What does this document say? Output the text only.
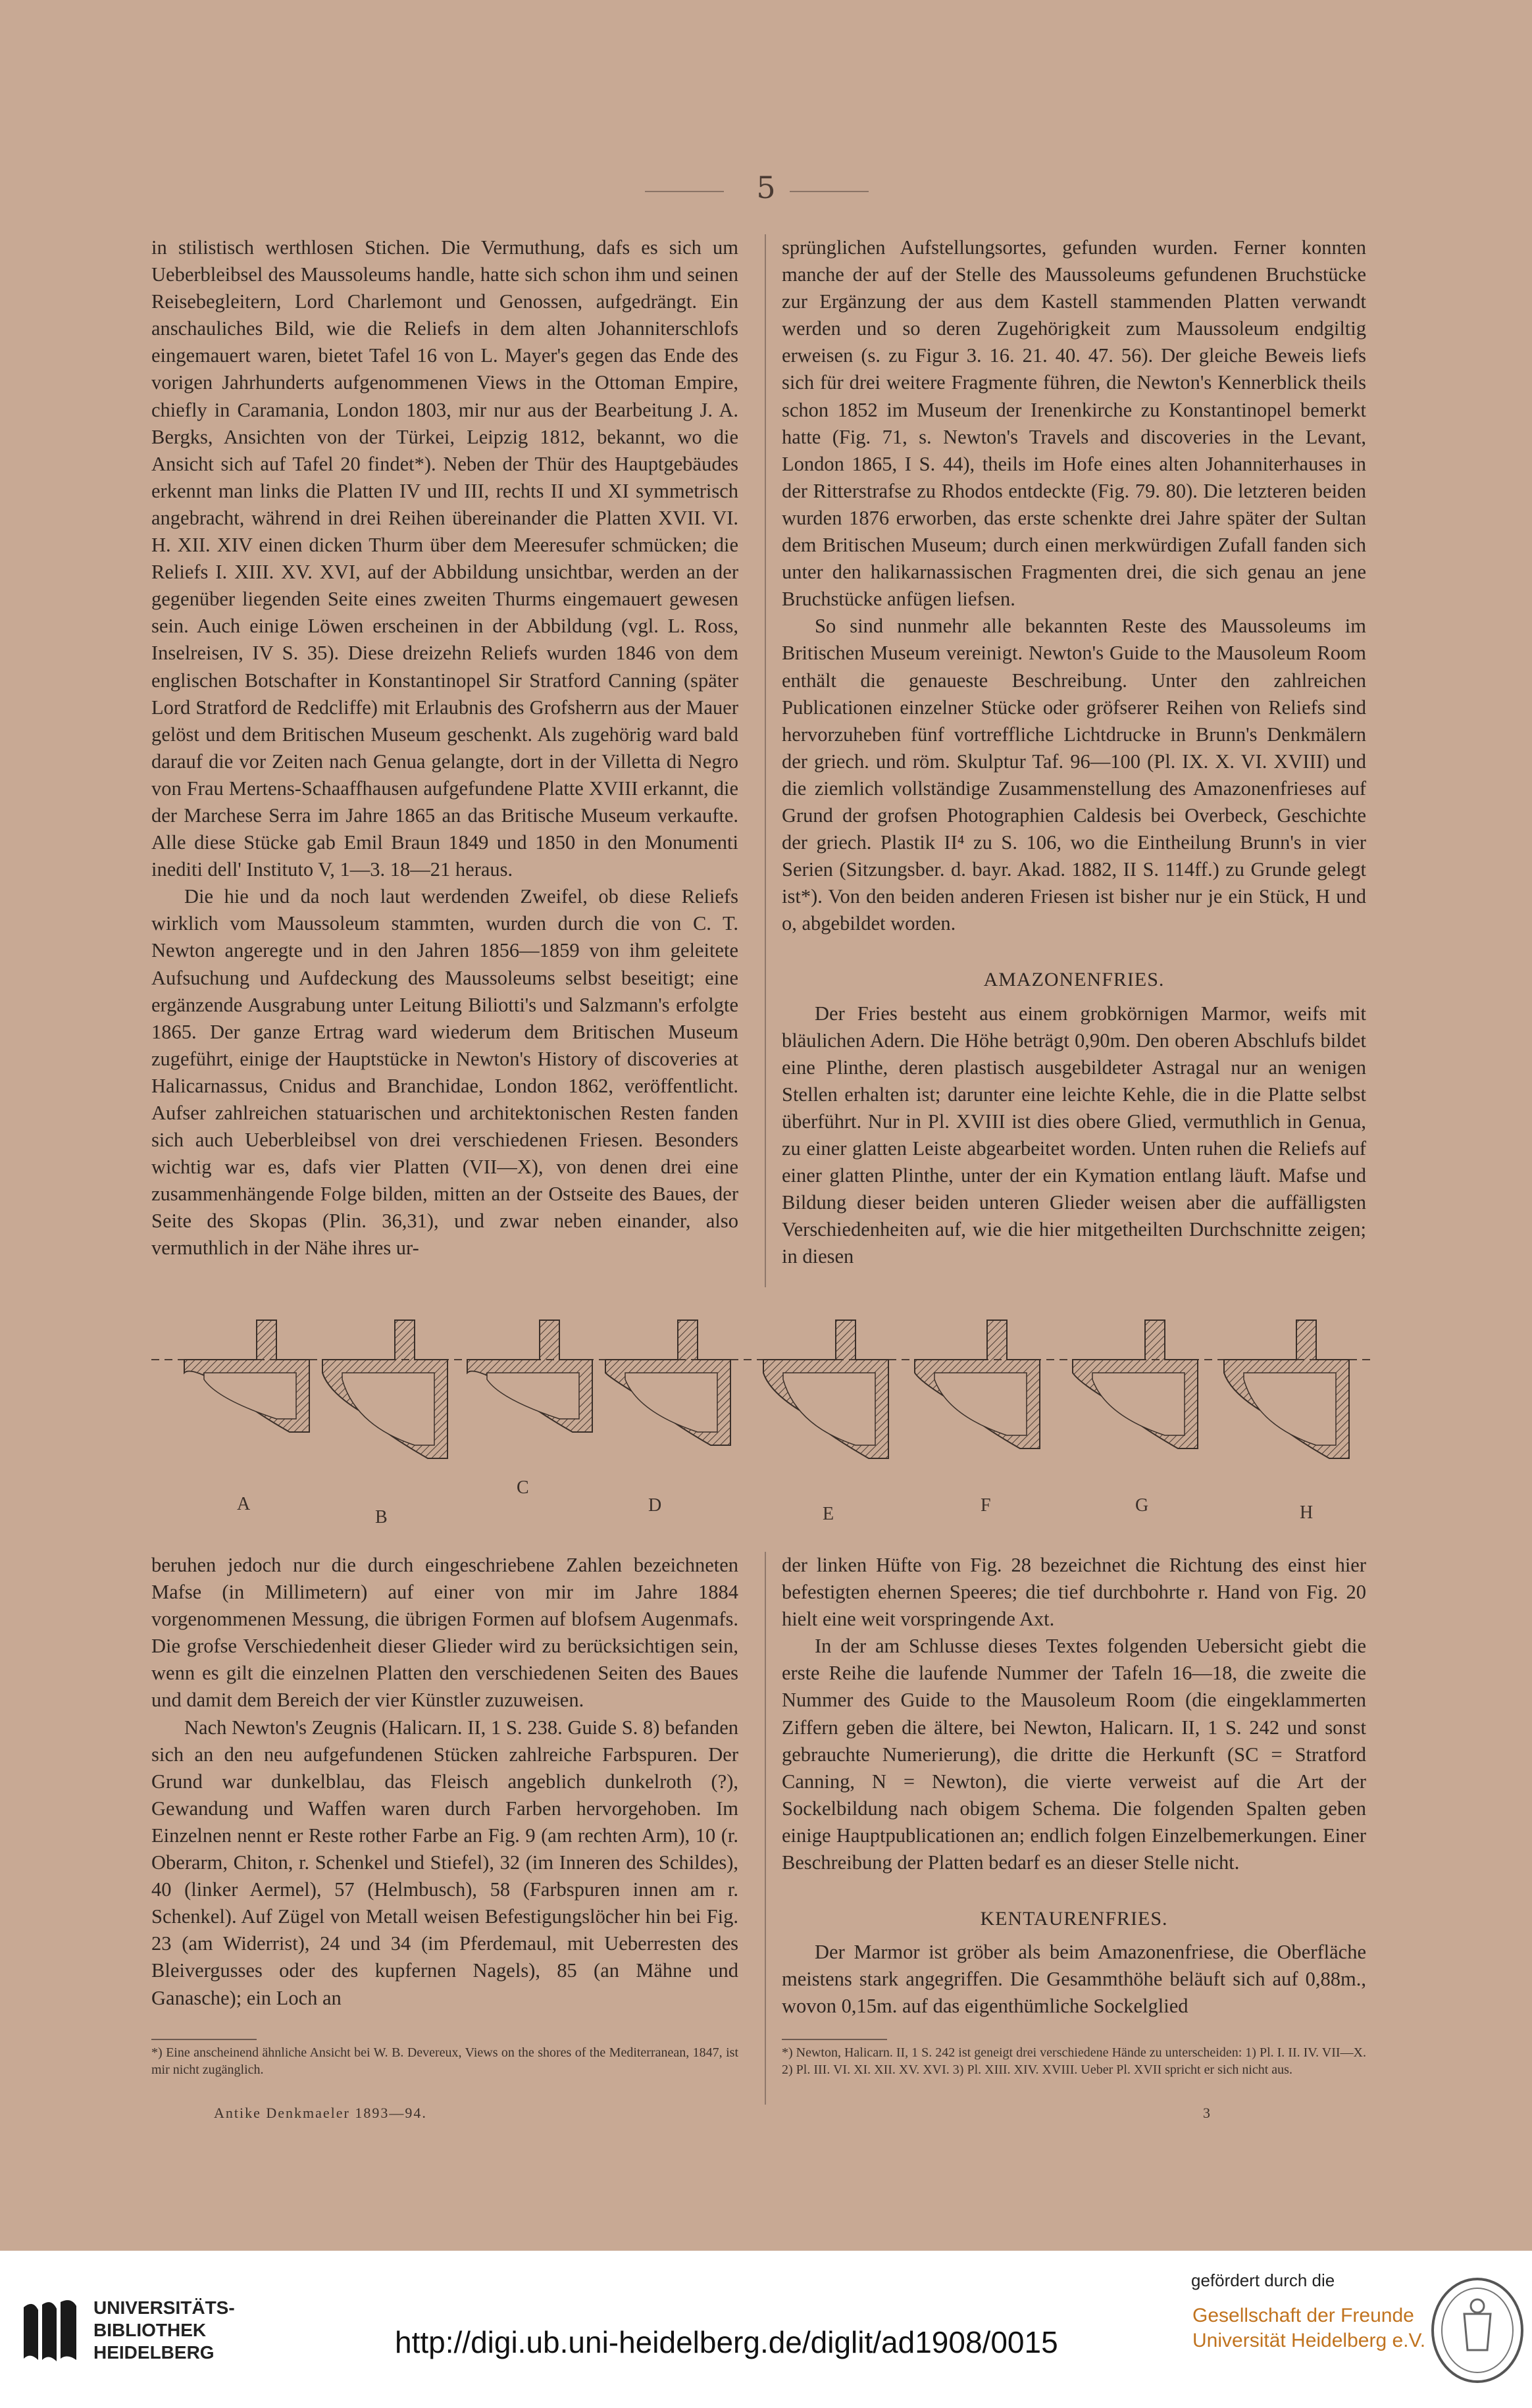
5

in stilistisch werthlosen Stichen. Die Vermuthung, dafs es sich um Ueberbleibsel des Maussoleums handle, hatte sich schon ihm und seinen Reisebegleitern, Lord Charlemont und Genossen, aufgedrängt. Ein anschauliches Bild, wie die Reliefs in dem alten Johanniterschlofs eingemauert waren, bietet Tafel 16 von L. Mayer's gegen das Ende des vorigen Jahrhunderts aufgenommenen Views in the Ottoman Empire, chiefly in Caramania, London 1803, mir nur aus der Bearbeitung J. A. Bergks, Ansichten von der Türkei, Leipzig 1812, bekannt, wo die Ansicht sich auf Tafel 20 findet*). Neben der Thür des Hauptgebäudes erkennt man links die Platten IV und III, rechts II und XI symmetrisch angebracht, während in drei Reihen übereinander die Platten XVII. VI. H. XII. XIV einen dicken Thurm über dem Meeresufer schmücken; die Reliefs I. XIII. XV. XVI, auf der Abbildung unsichtbar, werden an der gegenüber liegenden Seite eines zweiten Thurms eingemauert gewesen sein. Auch einige Löwen erscheinen in der Abbildung (vgl. L. Ross, Inselreisen, IV S. 35). Diese dreizehn Reliefs wurden 1846 von dem englischen Botschafter in Konstantinopel Sir Stratford Canning (später Lord Stratford de Redcliffe) mit Erlaubnis des Grofsherrn aus der Mauer gelöst und dem Britischen Museum geschenkt. Als zugehörig ward bald darauf die vor Zeiten nach Genua gelangte, dort in der Villetta di Negro von Frau Mertens-Schaaffhausen aufgefundene Platte XVIII erkannt, die der Marchese Serra im Jahre 1865 an das Britische Museum verkaufte. Alle diese Stücke gab Emil Braun 1849 und 1850 in den Monumenti inediti dell' Instituto V, 1—3. 18—21 heraus.

Die hie und da noch laut werdenden Zweifel, ob diese Reliefs wirklich vom Maussoleum stammten, wurden durch die von C. T. Newton angeregte und in den Jahren 1856—1859 von ihm geleitete Aufsuchung und Aufdeckung des Maussoleums selbst beseitigt; eine ergänzende Ausgrabung unter Leitung Biliotti's und Salzmann's erfolgte 1865. Der ganze Ertrag ward wiederum dem Britischen Museum zugeführt, einige der Hauptstücke in Newton's History of discoveries at Halicarnassus, Cnidus and Branchidae, London 1862, veröffentlicht. Aufser zahlreichen statuarischen und architektonischen Resten fanden sich auch Ueberbleibsel von drei verschiedenen Friesen. Besonders wichtig war es, dafs vier Platten (VII—X), von denen drei eine zusammenhängende Folge bilden, mitten an der Ostseite des Baues, der Seite des Skopas (Plin. 36,31), und zwar neben einander, also vermuthlich in der Nähe ihres ur-

sprünglichen Aufstellungsortes, gefunden wurden. Ferner konnten manche der auf der Stelle des Maussoleums gefundenen Bruchstücke zur Ergänzung der aus dem Kastell stammenden Platten verwandt werden und so deren Zugehörigkeit zum Maussoleum endgiltig erweisen (s. zu Figur 3. 16. 21. 40. 47. 56). Der gleiche Beweis liefs sich für drei weitere Fragmente führen, die Newton's Kennerblick theils schon 1852 im Museum der Irenenkirche zu Konstantinopel bemerkt hatte (Fig. 71, s. Newton's Travels and discoveries in the Levant, London 1865, I S. 44), theils im Hofe eines alten Johanniterhauses in der Ritterstrafse zu Rhodos entdeckte (Fig. 79. 80). Die letzteren beiden wurden 1876 erworben, das erste schenkte drei Jahre später der Sultan dem Britischen Museum; durch einen merkwürdigen Zufall fanden sich unter den halikarnassischen Fragmenten drei, die sich genau an jene Bruchstücke anfügen liefsen.

So sind nunmehr alle bekannten Reste des Maussoleums im Britischen Museum vereinigt. Newton's Guide to the Mausoleum Room enthält die genaueste Beschreibung. Unter den zahlreichen Publicationen einzelner Stücke oder gröfserer Reihen von Reliefs sind hervorzuheben fünf vortreffliche Lichtdrucke in Brunn's Denkmälern der griech. und röm. Skulptur Taf. 96—100 (Pl. IX. X. VI. XVIII) und die ziemlich vollständige Zusammenstellung des Amazonenfrieses auf Grund der grofsen Photographien Caldesis bei Overbeck, Geschichte der griech. Plastik II⁴ zu S. 106, wo die Eintheilung Brunn's in vier Serien (Sitzungsber. d. bayr. Akad. 1882, II S. 114ff.) zu Grunde gelegt ist*). Von den beiden anderen Friesen ist bisher nur je ein Stück, H und o, abgebildet worden.

AMAZONENFRIES.

Der Fries besteht aus einem grobkörnigen Marmor, weifs mit bläulichen Adern. Die Höhe beträgt 0,90m. Den oberen Abschlufs bildet eine Plinthe, deren plastisch ausgebildeter Astragal nur an wenigen Stellen erhalten ist; darunter eine leichte Kehle, die in die Platte selbst überführt. Nur in Pl. XVIII ist dies obere Glied, vermuthlich in Genua, zu einer glatten Leiste abgearbeitet worden. Unten ruhen die Reliefs auf einer glatten Plinthe, unter der ein Kymation entlang läuft. Mafse und Bildung dieser beiden unteren Glieder weisen aber die auffälligsten Verschiedenheiten auf, wie die hier mitgetheilten Durchschnitte zeigen; in diesen

A
B
C
D	E	F	G	H

beruhen jedoch nur die durch eingeschriebene Zahlen bezeichneten Mafse (in Millimetern) auf einer von mir im Jahre 1884 vorgenommenen Messung, die übrigen Formen auf blofsem Augenmafs. Die grofse Verschiedenheit dieser Glieder wird zu berücksichtigen sein, wenn es gilt die einzelnen Platten den verschiedenen Seiten des Baues und damit dem Bereich der vier Künstler zuzuweisen.

Nach Newton's Zeugnis (Halicarn. II, 1 S. 238. Guide S. 8) befanden sich an den neu aufgefundenen Stücken zahlreiche Farbspuren. Der Grund war dunkelblau, das Fleisch angeblich dunkelroth (?), Gewandung und Waffen waren durch Farben hervorgehoben. Im Einzelnen nennt er Reste rother Farbe an Fig. 9 (am rechten Arm), 10 (r. Oberarm, Chiton, r. Schenkel und Stiefel), 32 (im Inneren des Schildes), 40 (linker Aermel), 57 (Helmbusch), 58 (Farbspuren innen am r. Schenkel). Auf Zügel von Metall weisen Befestigungslöcher hin bei Fig. 23 (am Widerrist), 24 und 34 (im Pferdemaul, mit Ueberresten des Bleivergusses oder des kupfernen Nagels), 85 (an Mähne und Ganasche); ein Loch an

der linken Hüfte von Fig. 28 bezeichnet die Richtung des einst hier befestigten ehernen Speeres; die tief durchbohrte r. Hand von Fig. 20 hielt eine weit vorspringende Axt.

In der am Schlusse dieses Textes folgenden Uebersicht giebt die erste Reihe die laufende Nummer der Tafeln 16—18, die zweite die Nummer des Guide to the Mausoleum Room (die eingeklammerten Ziffern geben die ältere, bei Newton, Halicarn. II, 1 S. 242 und sonst gebrauchte Numerierung), die dritte die Herkunft (SC = Stratford Canning, N = Newton), die vierte verweist auf die Art der Sockelbildung nach obigem Schema. Die folgenden Spalten geben einige Hauptpublicationen an; endlich folgen Einzelbemerkungen. Einer Beschreibung der Platten bedarf es an dieser Stelle nicht.

KENTAURENFRIES.

Der Marmor ist gröber als beim Amazonenfriese, die Oberfläche meistens stark angegriffen. Die Gesammthöhe beläuft sich auf 0,88m., wovon 0,15m. auf das eigenthümliche Sockelglied

*) Eine anscheinend ähnliche Ansicht bei W. B. Devereux, Views on the shores of the Mediterranean, 1847, ist mir nicht zugänglich.
*) Newton, Halicarn. II, 1 S. 242 ist geneigt drei verschiedene Hände zu unterscheiden: 1) Pl. I. II. IV. VII—X. 2) Pl. III. VI. XI. XII. XV. XVI. 3) Pl. XIII. XIV. XVIII. Ueber Pl. XVII spricht er sich nicht aus.
Antike Denkmaeler 1893—94.	3
UNIVERSITÄTS-
BIBLIOTHEK
HEIDELBERG	http://digi.ub.uni-heidelberg.de/diglit/ad1908/0015
gefördert durch die
Gesellschaft der Freunde
Universität Heidelberg e.V.
